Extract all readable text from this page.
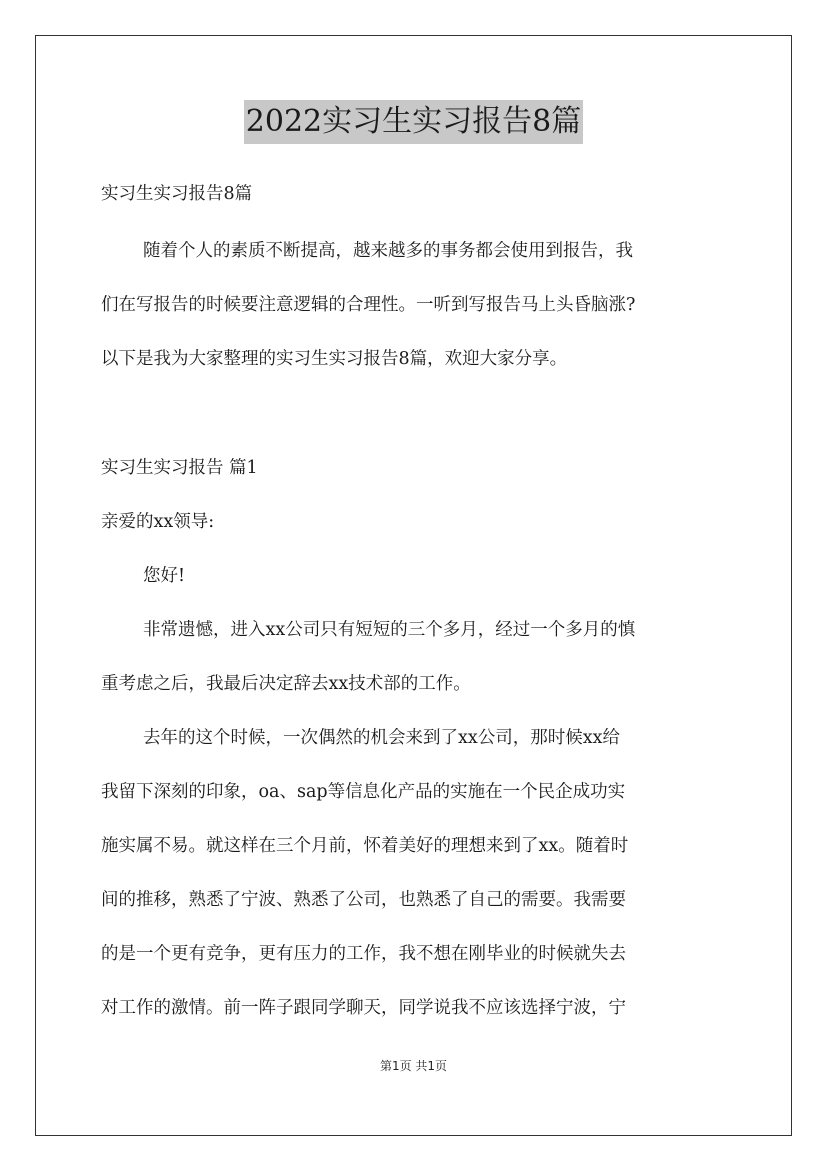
2022实习生实习报告8篇

实习生实习报告8篇

随着个人的素质不断提高，越来越多的事务都会使用到报告，我

们在写报告的时候要注意逻辑的合理性。一听到写报告马上头昏脑涨?

以下是我为大家整理的实习生实习报告8篇，欢迎大家分享。

实习生实习报告 篇1

亲爱的xx领导:

您好!

非常遗憾，进入xx公司只有短短的三个多月，经过一个多月的慎

重考虑之后，我最后决定辞去xx技术部的工作。

去年的这个时候，一次偶然的机会来到了xx公司，那时候xx给

我留下深刻的印象，oa、sap等信息化产品的实施在一个民企成功实

施实属不易。就这样在三个月前，怀着美好的理想来到了xx。随着时

间的推移，熟悉了宁波、熟悉了公司，也熟悉了自己的需要。我需要

的是一个更有竞争，更有压力的工作，我不想在刚毕业的时候就失去

对工作的激情。前一阵子跟同学聊天，同学说我不应该选择宁波，宁

第1页 共1页
